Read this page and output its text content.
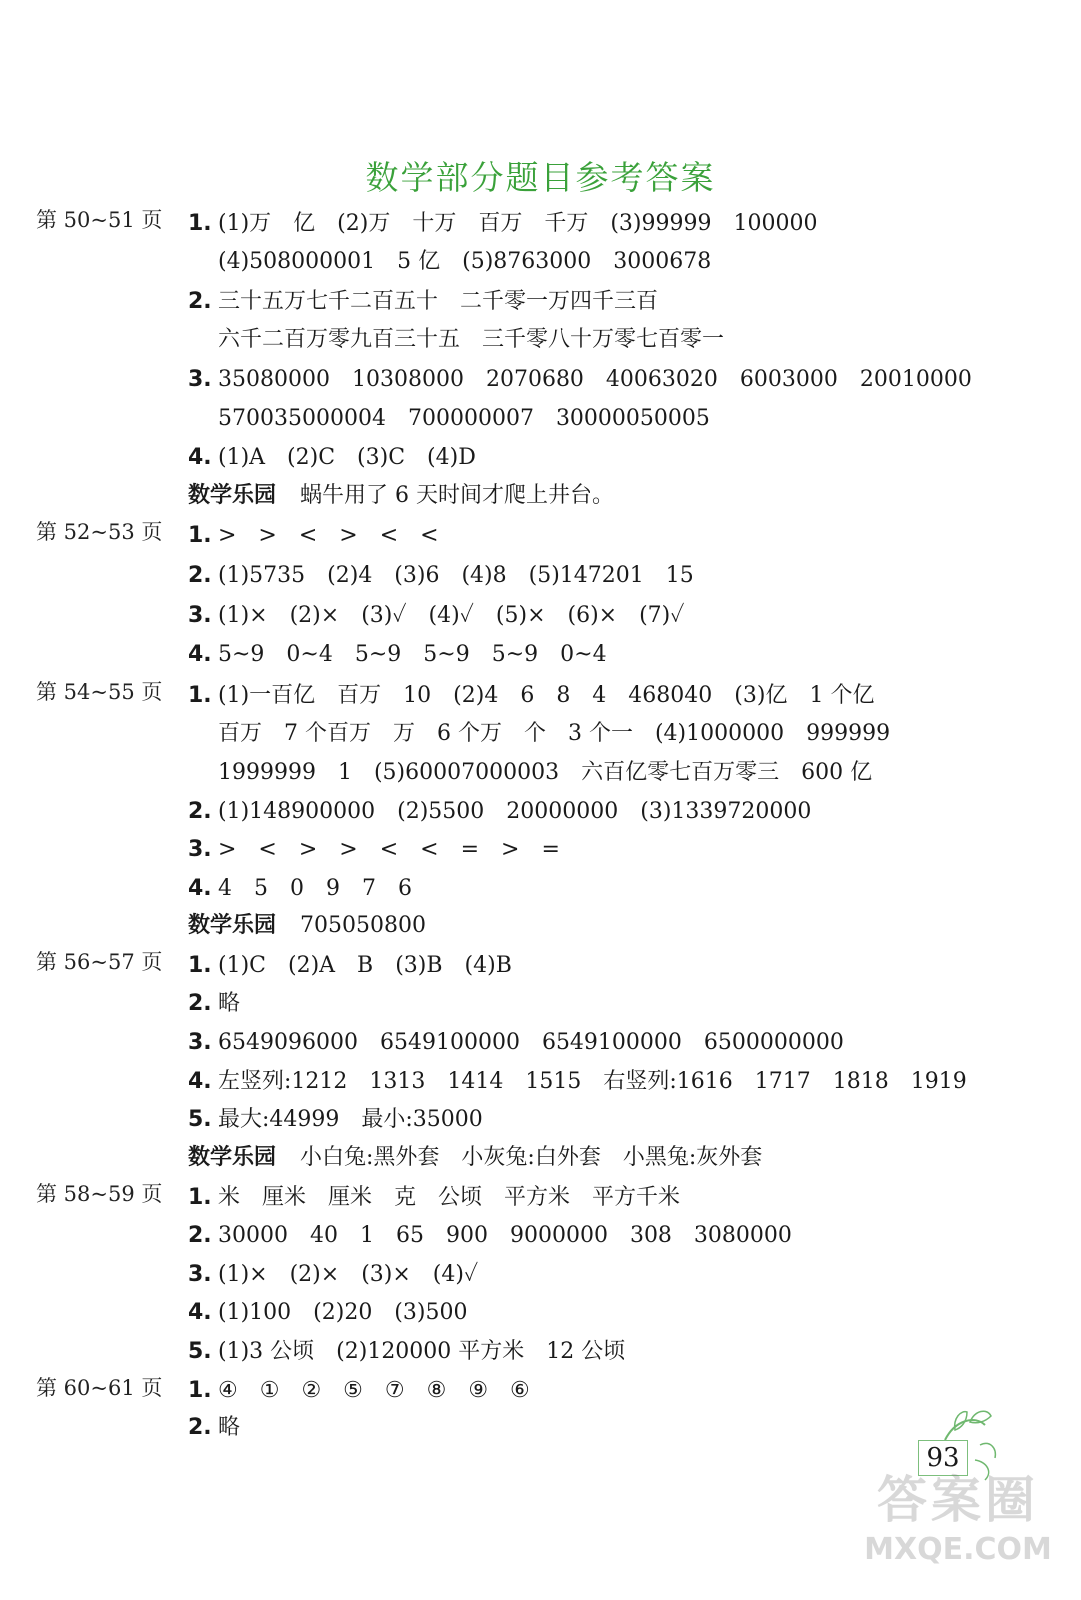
数学部分题目参考答案
第 50~51 页 1. (1)万　亿　(2)万　十万　百万　千万　(3)99999　100000
(4)508000001　5 亿　(5)8763000　3000678
2. 三十五万七千二百五十　二千零一万四千三百
六千二百万零九百三十五　三千零八十万零七百零一
3. 35080000　10308000　2070680　40063020　6003000　20010000
570035000004　700000007　30000050005
4. (1)A　(2)C　(3)C　(4)D
数学乐园 蜗牛用了 6 天时间才爬上井台。
第 52~53 页 1. >　>　<　>　<　<
2. (1)5735　(2)4　(3)6　(4)8　(5)147201　15
3. (1)×　(2)×　(3)✓　(4)✓　(5)×　(6)×　(7)✓
4. 5~9　0~4　5~9　5~9　5~9　0~4
第 54~55 页 1. (1)一百亿　百万　10　(2)4　6　8　4　468040　(3)亿　1 个亿
百万　7 个百万　万　6 个万　个　3 个一　(4)1000000　999999
1999999　1　(5)60007000003　六百亿零七百万零三　600 亿
2. (1)148900000　(2)5500　20000000　(3)1339720000
3. >　<　>　>　<　<　=　>　=
4. 4　5　0　9　7　6
数学乐园 705050800
第 56~57 页 1. (1)C　(2)A　B　(3)B　(4)B
2. 略
3. 6549096000　6549100000　6549100000　6500000000
4. 左竖列:1212　1313　1414　1515　右竖列:1616　1717　1818　1919
5. 最大:44999　最小:35000
数学乐园 小白兔:黑外套　小灰兔:白外套　小黑兔:灰外套
第 58~59 页 1. 米　厘米　厘米　克　公顷　平方米　平方千米
2. 30000　40　1　65　900　9000000　308　3080000
3. (1)×　(2)×　(3)×　(4)✓
4. (1)100　(2)20　(3)500
5. (1)3 公顷　(2)120000 平方米　12 公顷
第 60~61 页 1. ④　①　②　⑤　⑦　⑧　⑨　⑥
2. 略
93
答案圈
MXQE.COM
